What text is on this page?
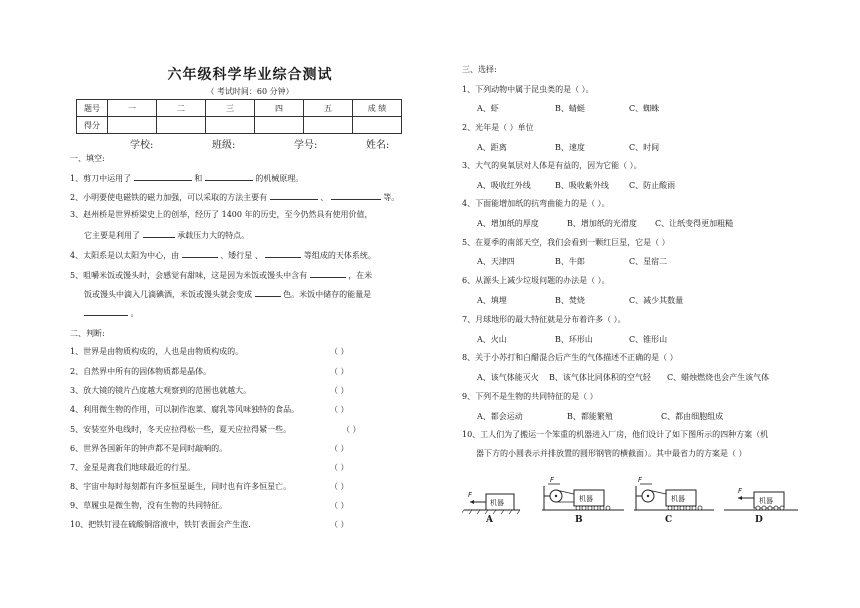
六年级科学毕业综合测试
（ 考试时间：60 分钟）
题号	一	二	三	四	五	成 绩
得分						
学校:	班级:	学号:	姓名:
一、填空:
1、剪刀中运用了	和	的机械原理。
2、小明要使电磁铁的磁力加强，可以采取的方法主要有	、	等。
3、赵州桥是世界桥梁史上的创举，经历了 1400 年的历史，至今仍然具有使用价值，
它主要是利用了	承载压力大的特点。
4、太阳系是以太阳为中心，由	、矮行星 、	等组成的天体系统。
5、咀嚼米饭或馒头时，会感觉有甜味，这是因为米饭或馒头中含有	，在米
饭或馒头中滴入几滴碘酒，米饭或馒头就会变成	色。米饭中储存的能量是
。
二、判断:
1、世界是由物质构成的，人也是由物质构成的。	（ ）
2、自然界中所有的固体物质都是晶体。	（ ）
3、放大镜的镜片凸度越大观察到的范围也就越大。	（ ）
4、利用微生物的作用，可以制作泡菜、腐乳等风味独特的食品。	（ ）
5、安装室外电线时，冬天应拉得松一些，夏天应拉得紧一些。	（ ）
6、世界各国新年的钟声都不是同时敲响的。	（ ）
7、金星是离我们地球最近的行星。	（ ）
8、宇宙中每时每刻都有许多恒星诞生，同时也有许多恒星亡。	（ ）
9、草履虫是微生物，没有生物的共同特征。	（ ）
10、把铁钉浸在硫酸铜溶液中，铁钉表面会产生泡.	（ ）
三、选择:
1、下列动物中属于昆虫类的是（ ）。
A、虾	B、蜻蜓	C、蜘蛛
2、光年是（ ）单位
A、距离	B、速度	C、时间
3、大气的臭氧层对人体是有益的，因为它能（ ）。
A、吸收红外线	B、吸收紫外线	C、防止酸雨
4、下面能增加纸的抗弯曲能力的是（ ）。
A、增加纸的厚度	B、增加纸的光滑度 C、让纸变得更加粗糙
5、在夏季的南部天空，我们会看到一颗红巨星，它是（ ）
A、天津四	B、牛郎	C、星宿二
6、从源头上减少垃圾问题的办法是（ ）。
A、填埋	B、焚烧	C、减少其数量
7、月球地形的最大特征就是分布着许多（ ）。
A、火山	B、环形山	C、锥形山
8、关于小苏打和白醋混合后产生的气体描述不正确的是（ ）
A、该气体能灭火 B、该气体比同体积的空气轻 C、蜡烛燃烧也会产生该气体
9、下列不是生物的共同特征的是（ ）
A、都会运动	B、都能繁殖	C、都由细胞组成
10、工人们为了搬运一个笨重的机器进入厂房，他们设计了如下图所示的四种方案（机
器下方的小圆表示并排放置的圆形钢管的横截面）。其中最省力的方案是（ ）
机器
F	机器
F
机器
F
机器
F
A	B	C	D
